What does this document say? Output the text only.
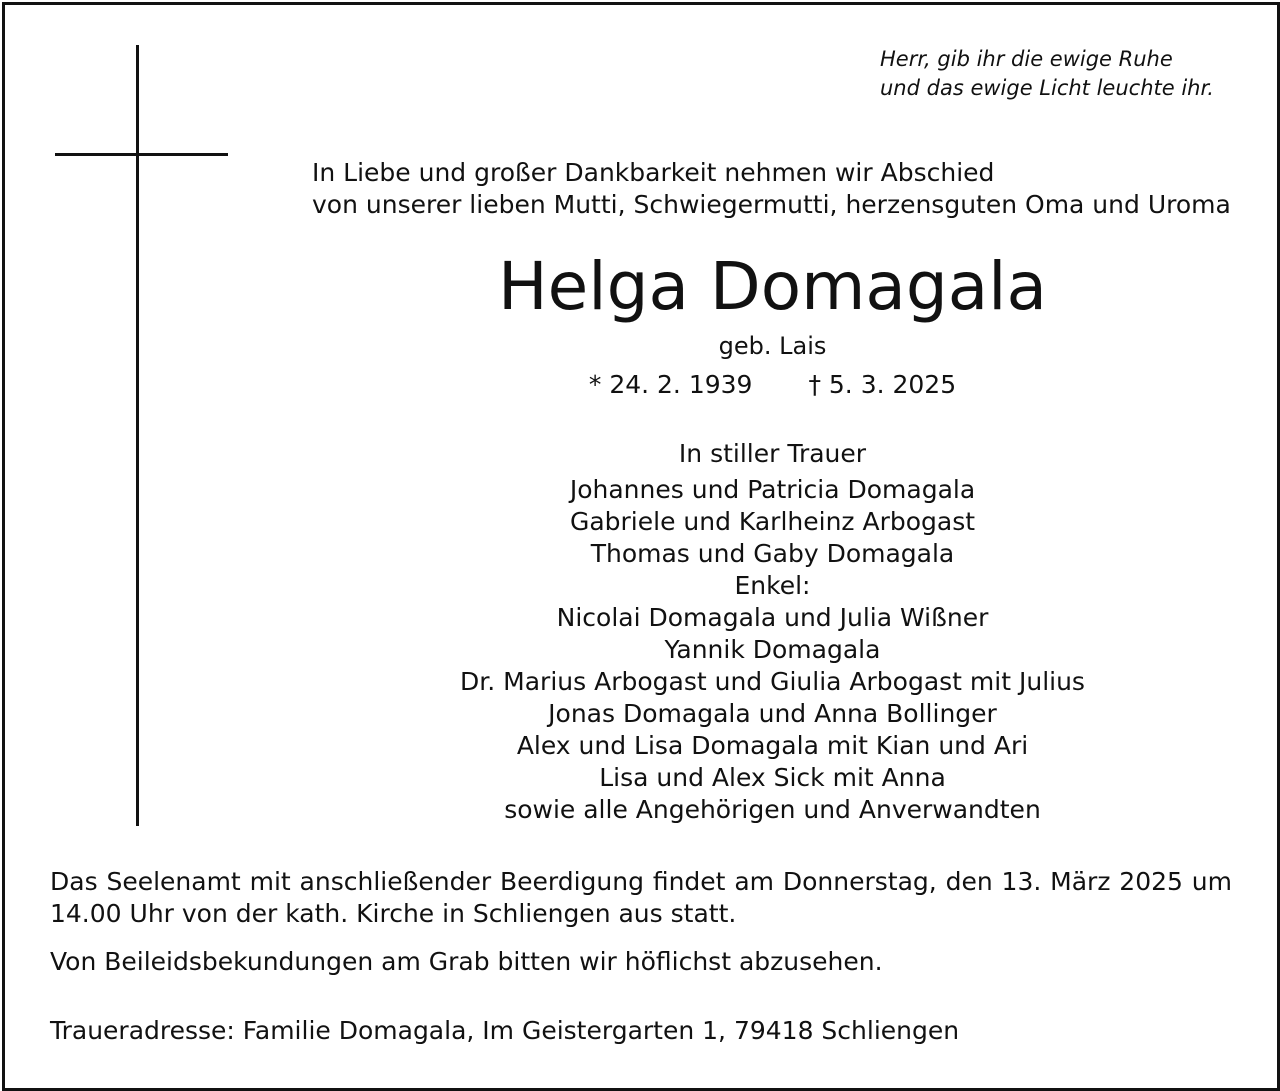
Herr, gib ihr die ewige Ruhe
und das ewige Licht leuchte ihr.
In Liebe und großer Dankbarkeit nehmen wir Abschied
von unserer lieben Mutti, Schwiegermutti, herzensguten Oma und Uroma
Helga Domagala
geb. Lais
* 24. 2. 1939 † 5. 3. 2025
In stiller Trauer
Johannes und Patricia Domagala
Gabriele und Karlheinz Arbogast
Thomas und Gaby Domagala
Enkel:
Nicolai Domagala und Julia Wißner
Yannik Domagala
Dr. Marius Arbogast und Giulia Arbogast mit Julius
Jonas Domagala und Anna Bollinger
Alex und Lisa Domagala mit Kian und Ari
Lisa und Alex Sick mit Anna
sowie alle Angehörigen und Anverwandten
Das Seelenamt mit anschließender Beerdigung findet am Donnerstag, den 13. März 2025 um 14.00 Uhr von der kath. Kirche in Schliengen aus statt.
Von Beileidsbekundungen am Grab bitten wir höflichst abzusehen.
Traueradresse: Familie Domagala, Im Geistergarten 1, 79418 Schliengen
